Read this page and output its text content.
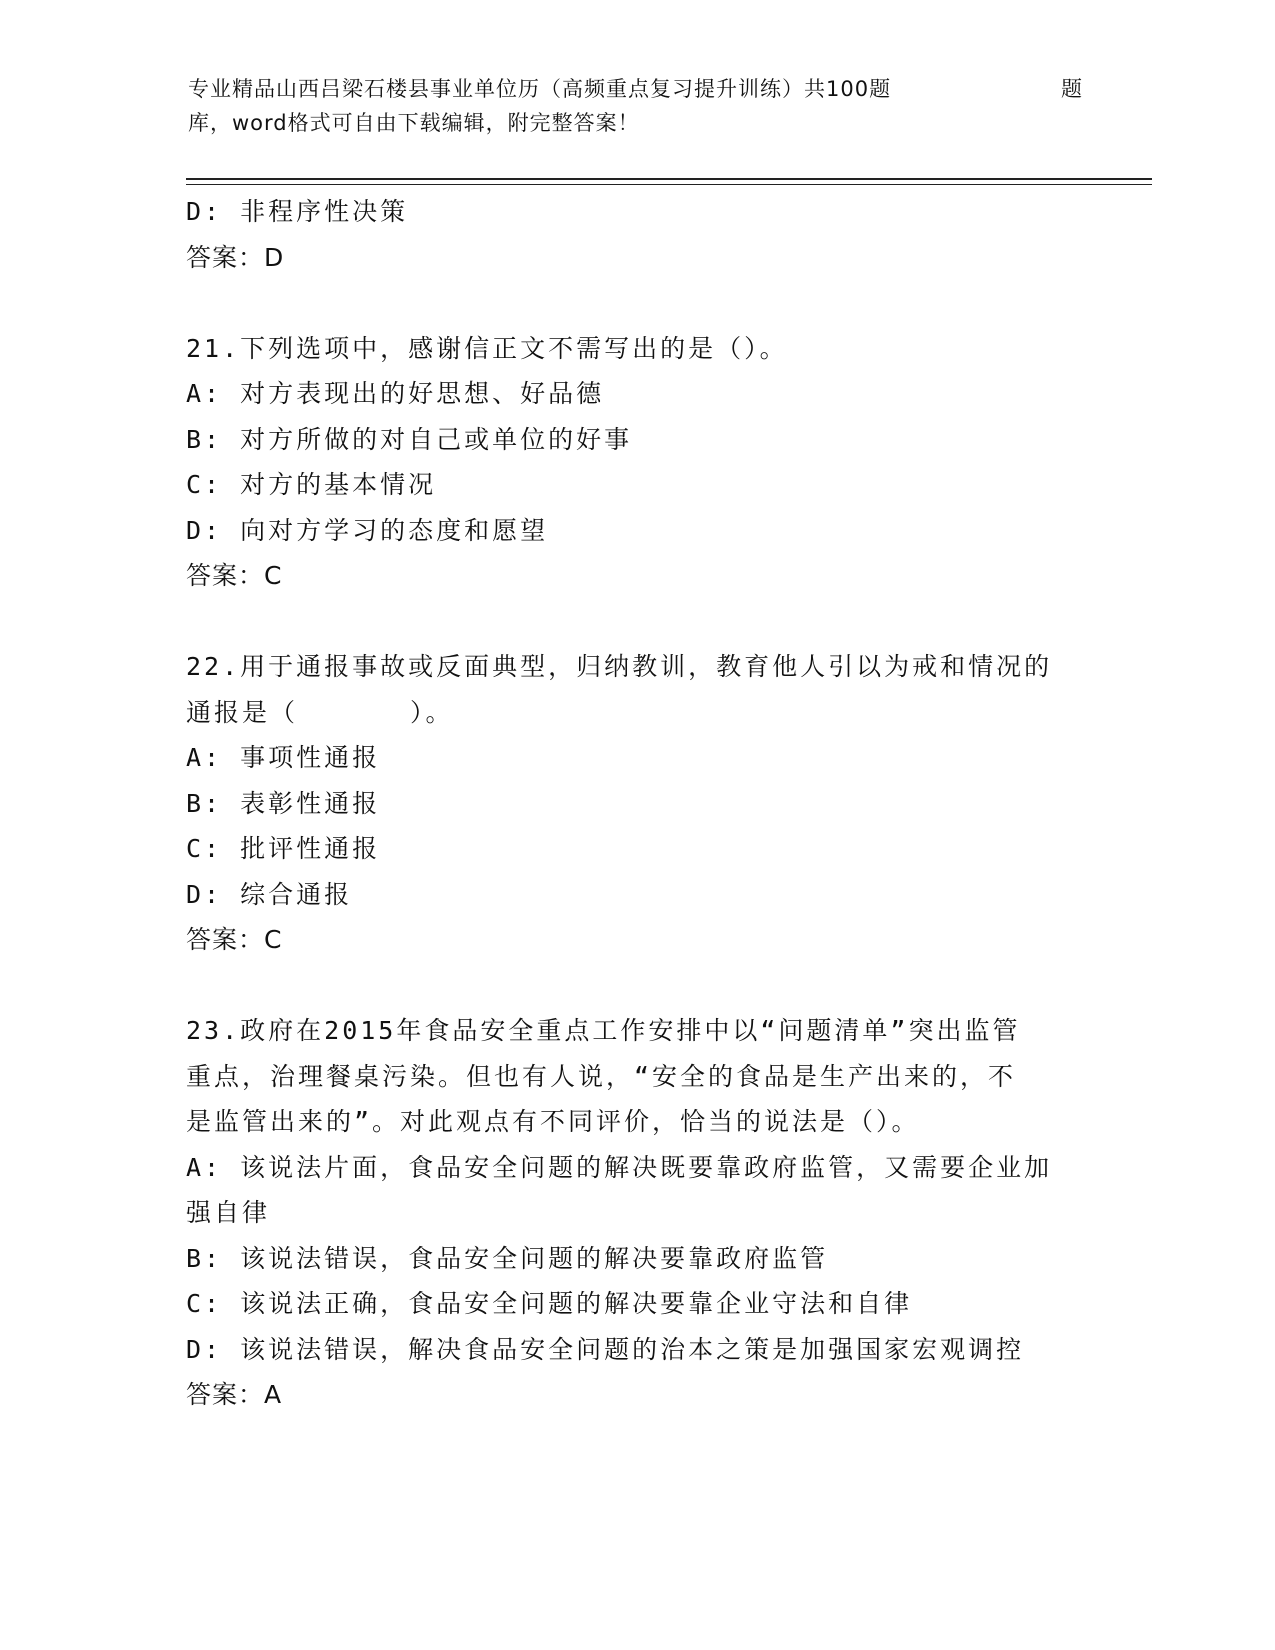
专业精品山西吕梁石楼县事业单位历（高频重点复习提升训练）共100题	题
库，word格式可自由下载编辑，附完整答案！

D: 非程序性决策

答案：D

21.下列选项中，感谢信正文不需写出的是（）。

A: 对方表现出的好思想、好品德

B: 对方所做的对自己或单位的好事

C: 对方的基本情况

D: 向对方学习的态度和愿望

答案：C

22.用于通报事故或反面典型，归纳教训，教育他人引以为戒和情况的

通报是（　　　　）。

A: 事项性通报

B: 表彰性通报

C: 批评性通报

D: 综合通报

答案：C

23.政府在2015年食品安全重点工作安排中以“问题清单”突出监管

重点，治理餐桌污染。但也有人说，“安全的食品是生产出来的，不

是监管出来的”。对此观点有不同评价，恰当的说法是（）。

A: 该说法片面，食品安全问题的解决既要靠政府监管，又需要企业加

强自律

B: 该说法错误，食品安全问题的解决要靠政府监管

C: 该说法正确，食品安全问题的解决要靠企业守法和自律

D: 该说法错误，解决食品安全问题的治本之策是加强国家宏观调控

答案：A
